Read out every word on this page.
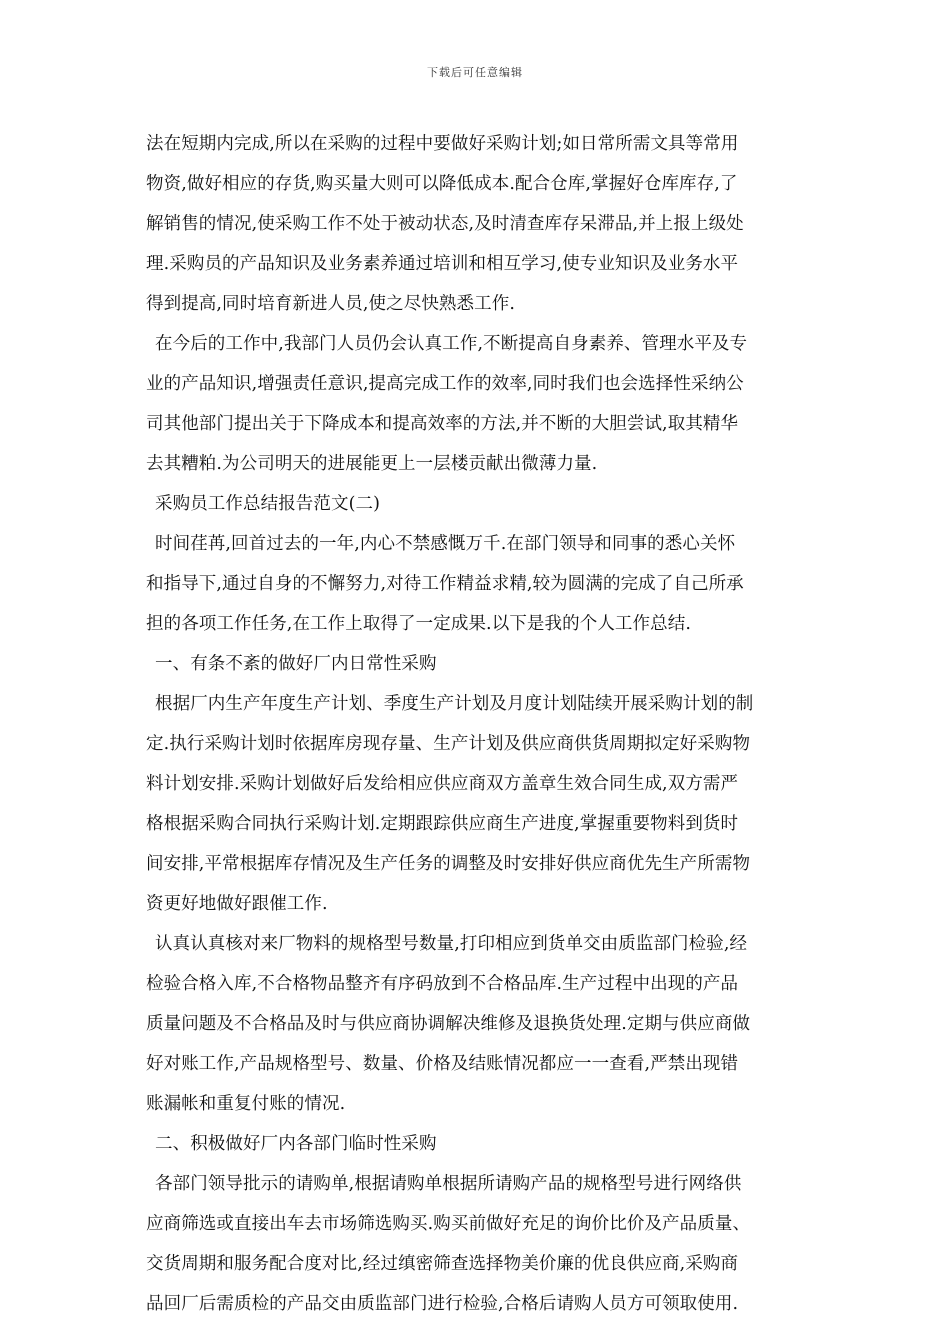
下载后可任意编辑
法在短期内完成,所以在采购的过程中要做好采购计划;如日常所需文具等常用
物资,做好相应的存货,购买量大则可以降低成本.配合仓库,掌握好仓库库存,了
解销售的情况,使采购工作不处于被动状态,及时清查库存呆滞品,并上报上级处
理.采购员的产品知识及业务素养通过培训和相互学习,使专业知识及业务水平
得到提高,同时培育新进人员,使之尽快熟悉工作.
在今后的工作中,我部门人员仍会认真工作,不断提高自身素养、管理水平及专
业的产品知识,增强责任意识,提高完成工作的效率,同时我们也会选择性采纳公
司其他部门提出关于下降成本和提高效率的方法,并不断的大胆尝试,取其精华
去其糟粕.为公司明天的进展能更上一层楼贡献出微薄力量.
采购员工作总结报告范文(二)
时间荏苒,回首过去的一年,内心不禁感慨万千.在部门领导和同事的悉心关怀
和指导下,通过自身的不懈努力,对待工作精益求精,较为圆满的完成了自己所承
担的各项工作任务,在工作上取得了一定成果.以下是我的个人工作总结.
一、有条不紊的做好厂内日常性采购
根据厂内生产年度生产计划、季度生产计划及月度计划陆续开展采购计划的制
定.执行采购计划时依据库房现存量、生产计划及供应商供货周期拟定好采购物
料计划安排.采购计划做好后发给相应供应商双方盖章生效合同生成,双方需严
格根据采购合同执行采购计划.定期跟踪供应商生产进度,掌握重要物料到货时
间安排,平常根据库存情况及生产任务的调整及时安排好供应商优先生产所需物
资更好地做好跟催工作.
认真认真核对来厂物料的规格型号数量,打印相应到货单交由质监部门检验,经
检验合格入库,不合格物品整齐有序码放到不合格品库.生产过程中出现的产品
质量问题及不合格品及时与供应商协调解决维修及退换货处理.定期与供应商做
好对账工作,产品规格型号、数量、价格及结账情况都应一一查看,严禁出现错
账漏帐和重复付账的情况.
二、积极做好厂内各部门临时性采购
各部门领导批示的请购单,根据请购单根据所请购产品的规格型号进行网络供
应商筛选或直接出车去市场筛选购买.购买前做好充足的询价比价及产品质量、
交货周期和服务配合度对比,经过缜密筛查选择物美价廉的优良供应商,采购商
品回厂后需质检的产品交由质监部门进行检验,合格后请购人员方可领取使用.
